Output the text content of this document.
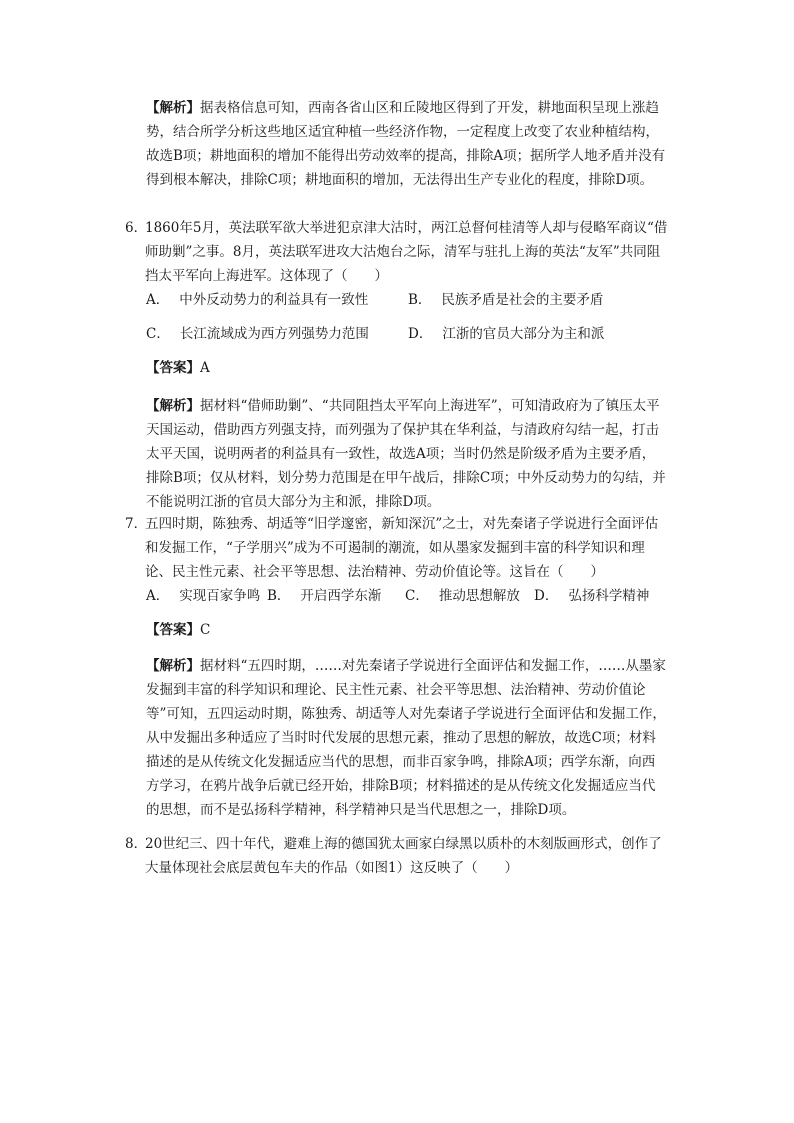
【解析】据表格信息可知，西南各省山区和丘陵地区得到了开发，耕地面积呈现上涨趋势，结合所学分析这些地区适宜种植一些经济作物，一定程度上改变了农业种植结构，故选B项；耕地面积的增加不能得出劳动效率的提高，排除A项；据所学人地矛盾并没有得到根本解决，排除C项；耕地面积的增加，无法得出生产专业化的程度，排除D项。

6．
1860年5月，英法联军欲大举进犯京津大沽时，两江总督何桂清等人却与侵略军商议“借师助剿”之事。8月，英法联军进攻大沽炮台之际，清军与驻扎上海的英法“友军”共同阻挡太平军向上海进军。这体现了（　　）
A． 中外反动势力的利益具有一致性	B． 民族矛盾是社会的主要矛盾
C． 长江流域成为西方列强势力范围	D． 江浙的官员大部分为主和派
【答案】A

【解析】据材料“借师助剿”、“共同阻挡太平军向上海进军”，可知清政府为了镇压太平天国运动，借助西方列强支持，而列强为了保护其在华利益，与清政府勾结一起，打击太平天国，说明两者的利益具有一致性，故选A项；当时仍然是阶级矛盾为主要矛盾，排除B项；仅从材料，划分势力范围是在甲午战后，排除C项；中外反动势力的勾结，并不能说明江浙的官员大部分为主和派，排除D项。

7．
五四时期，陈独秀、胡适等“旧学邃密，新知深沉”之士，对先秦诸子学说进行全面评估和发掘工作，“子学朋兴”成为不可遏制的潮流，如从墨家发掘到丰富的科学知识和理论、民主性元素、社会平等思想、法治精神、劳动价值论等。这旨在（　　）
A． 实现百家争鸣 B． 开启西学东渐 C． 推动思想解放 D． 弘扬科学精神
【答案】C

【解析】据材料“五四时期，……对先秦诸子学说进行全面评估和发掘工作，……从墨家发掘到丰富的科学知识和理论、民主性元素、社会平等思想、法治精神、劳动价值论等”可知，五四运动时期，陈独秀、胡适等人对先秦诸子学说进行全面评估和发掘工作，从中发掘出多种适应了当时时代发展的思想元素，推动了思想的解放，故选C项；材料描述的是从传统文化发掘适应当代的思想，而非百家争鸣，排除A项；西学东渐，向西方学习，在鸦片战争后就已经开始，排除B项；材料描述的是从传统文化发掘适应当代的思想，而不是弘扬科学精神，科学精神只是当代思想之一，排除D项。

8．
20世纪三、四十年代，避难上海的德国犹太画家白绿黑以质朴的木刻版画形式，创作了大量体现社会底层黄包车夫的作品（如图1）这反映了（　　）
